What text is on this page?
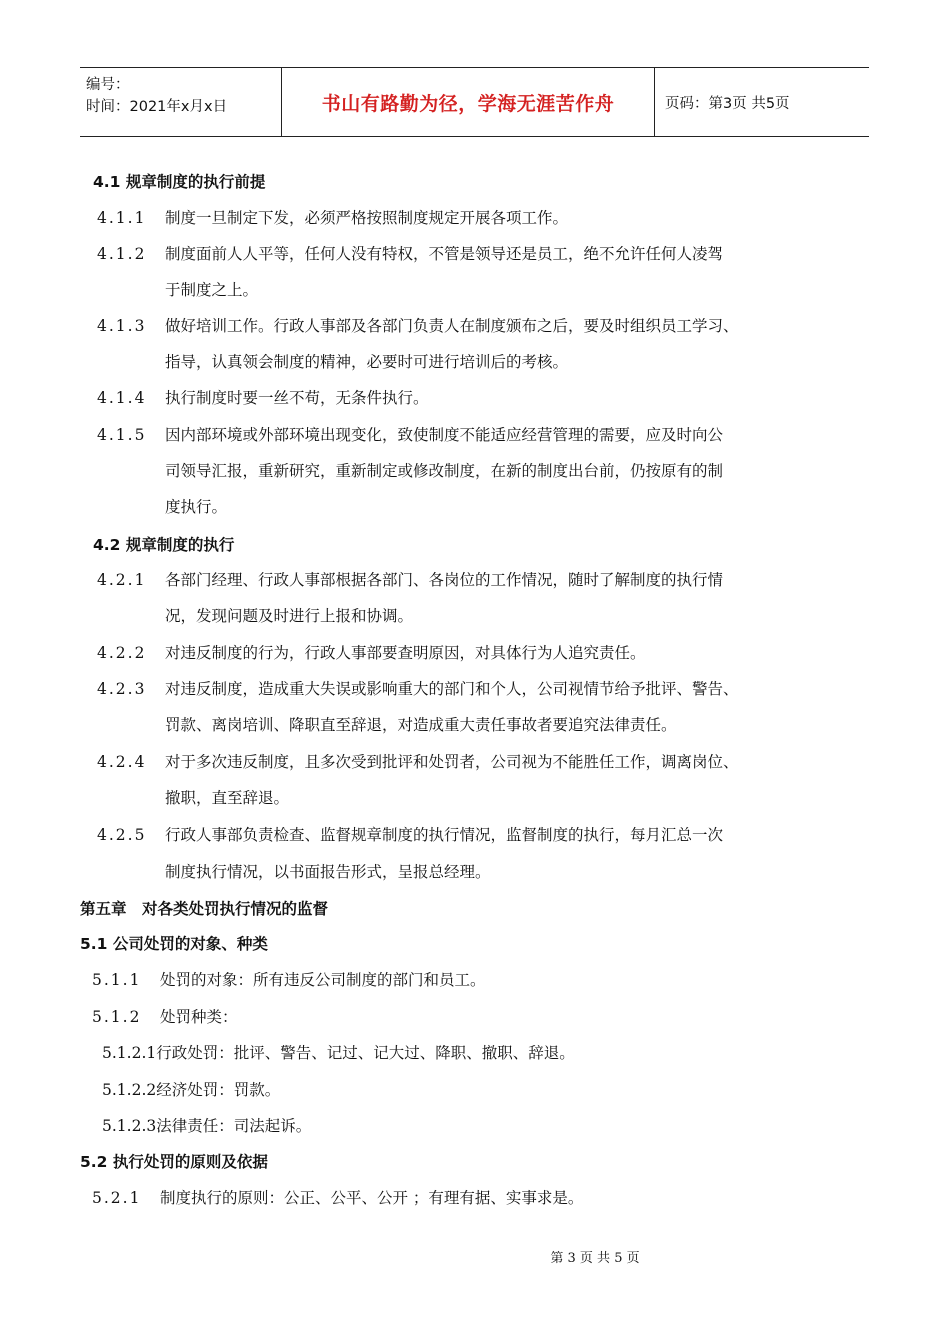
编号：
时间：2021年x月x日	书山有路勤为径，学海无涯苦作舟	页码：第3页 共5页
4.1 规章制度的执行前提
4.1.1 制度一旦制定下发，必须严格按照制度规定开展各项工作。
4.1.2 制度面前人人平等，任何人没有特权，不管是领导还是员工，绝不允许任何人凌驾
于制度之上。
4.1.3 做好培训工作。行政人事部及各部门负责人在制度颁布之后，要及时组织员工学习、
指导，认真领会制度的精神，必要时可进行培训后的考核。
4.1.4 执行制度时要一丝不苟，无条件执行。
4.1.5 因内部环境或外部环境出现变化，致使制度不能适应经营管理的需要，应及时向公
司领导汇报，重新研究，重新制定或修改制度，在新的制度出台前，仍按原有的制
度执行。
4.2 规章制度的执行
4.2.1 各部门经理、行政人事部根据各部门、各岗位的工作情况，随时了解制度的执行情
况，发现问题及时进行上报和协调。
4.2.2 对违反制度的行为，行政人事部要查明原因，对具体行为人追究责任。
4.2.3 对违反制度，造成重大失误或影响重大的部门和个人，公司视情节给予批评、警告、
罚款、离岗培训、降职直至辞退，对造成重大责任事故者要追究法律责任。
4.2.4 对于多次违反制度，且多次受到批评和处罚者，公司视为不能胜任工作，调离岗位、
撤职，直至辞退。
4.2.5 行政人事部负责检查、监督规章制度的执行情况，监督制度的执行，每月汇总一次
制度执行情况，以书面报告形式，呈报总经理。
第五章　对各类处罚执行情况的监督
5.1 公司处罚的对象、种类
5.1.1 处罚的对象：所有违反公司制度的部门和员工。
5.1.2 处罚种类：
5.1.2.1行政处罚：批评、警告、记过、记大过、降职、撤职、辞退。
5.1.2.2经济处罚：罚款。
5.1.2.3法律责任：司法起诉。
5.2 执行处罚的原则及依据
5.2.1 制度执行的原则：公正、公平、公开 ；有理有据、实事求是。
第 3 页 共 5 页
